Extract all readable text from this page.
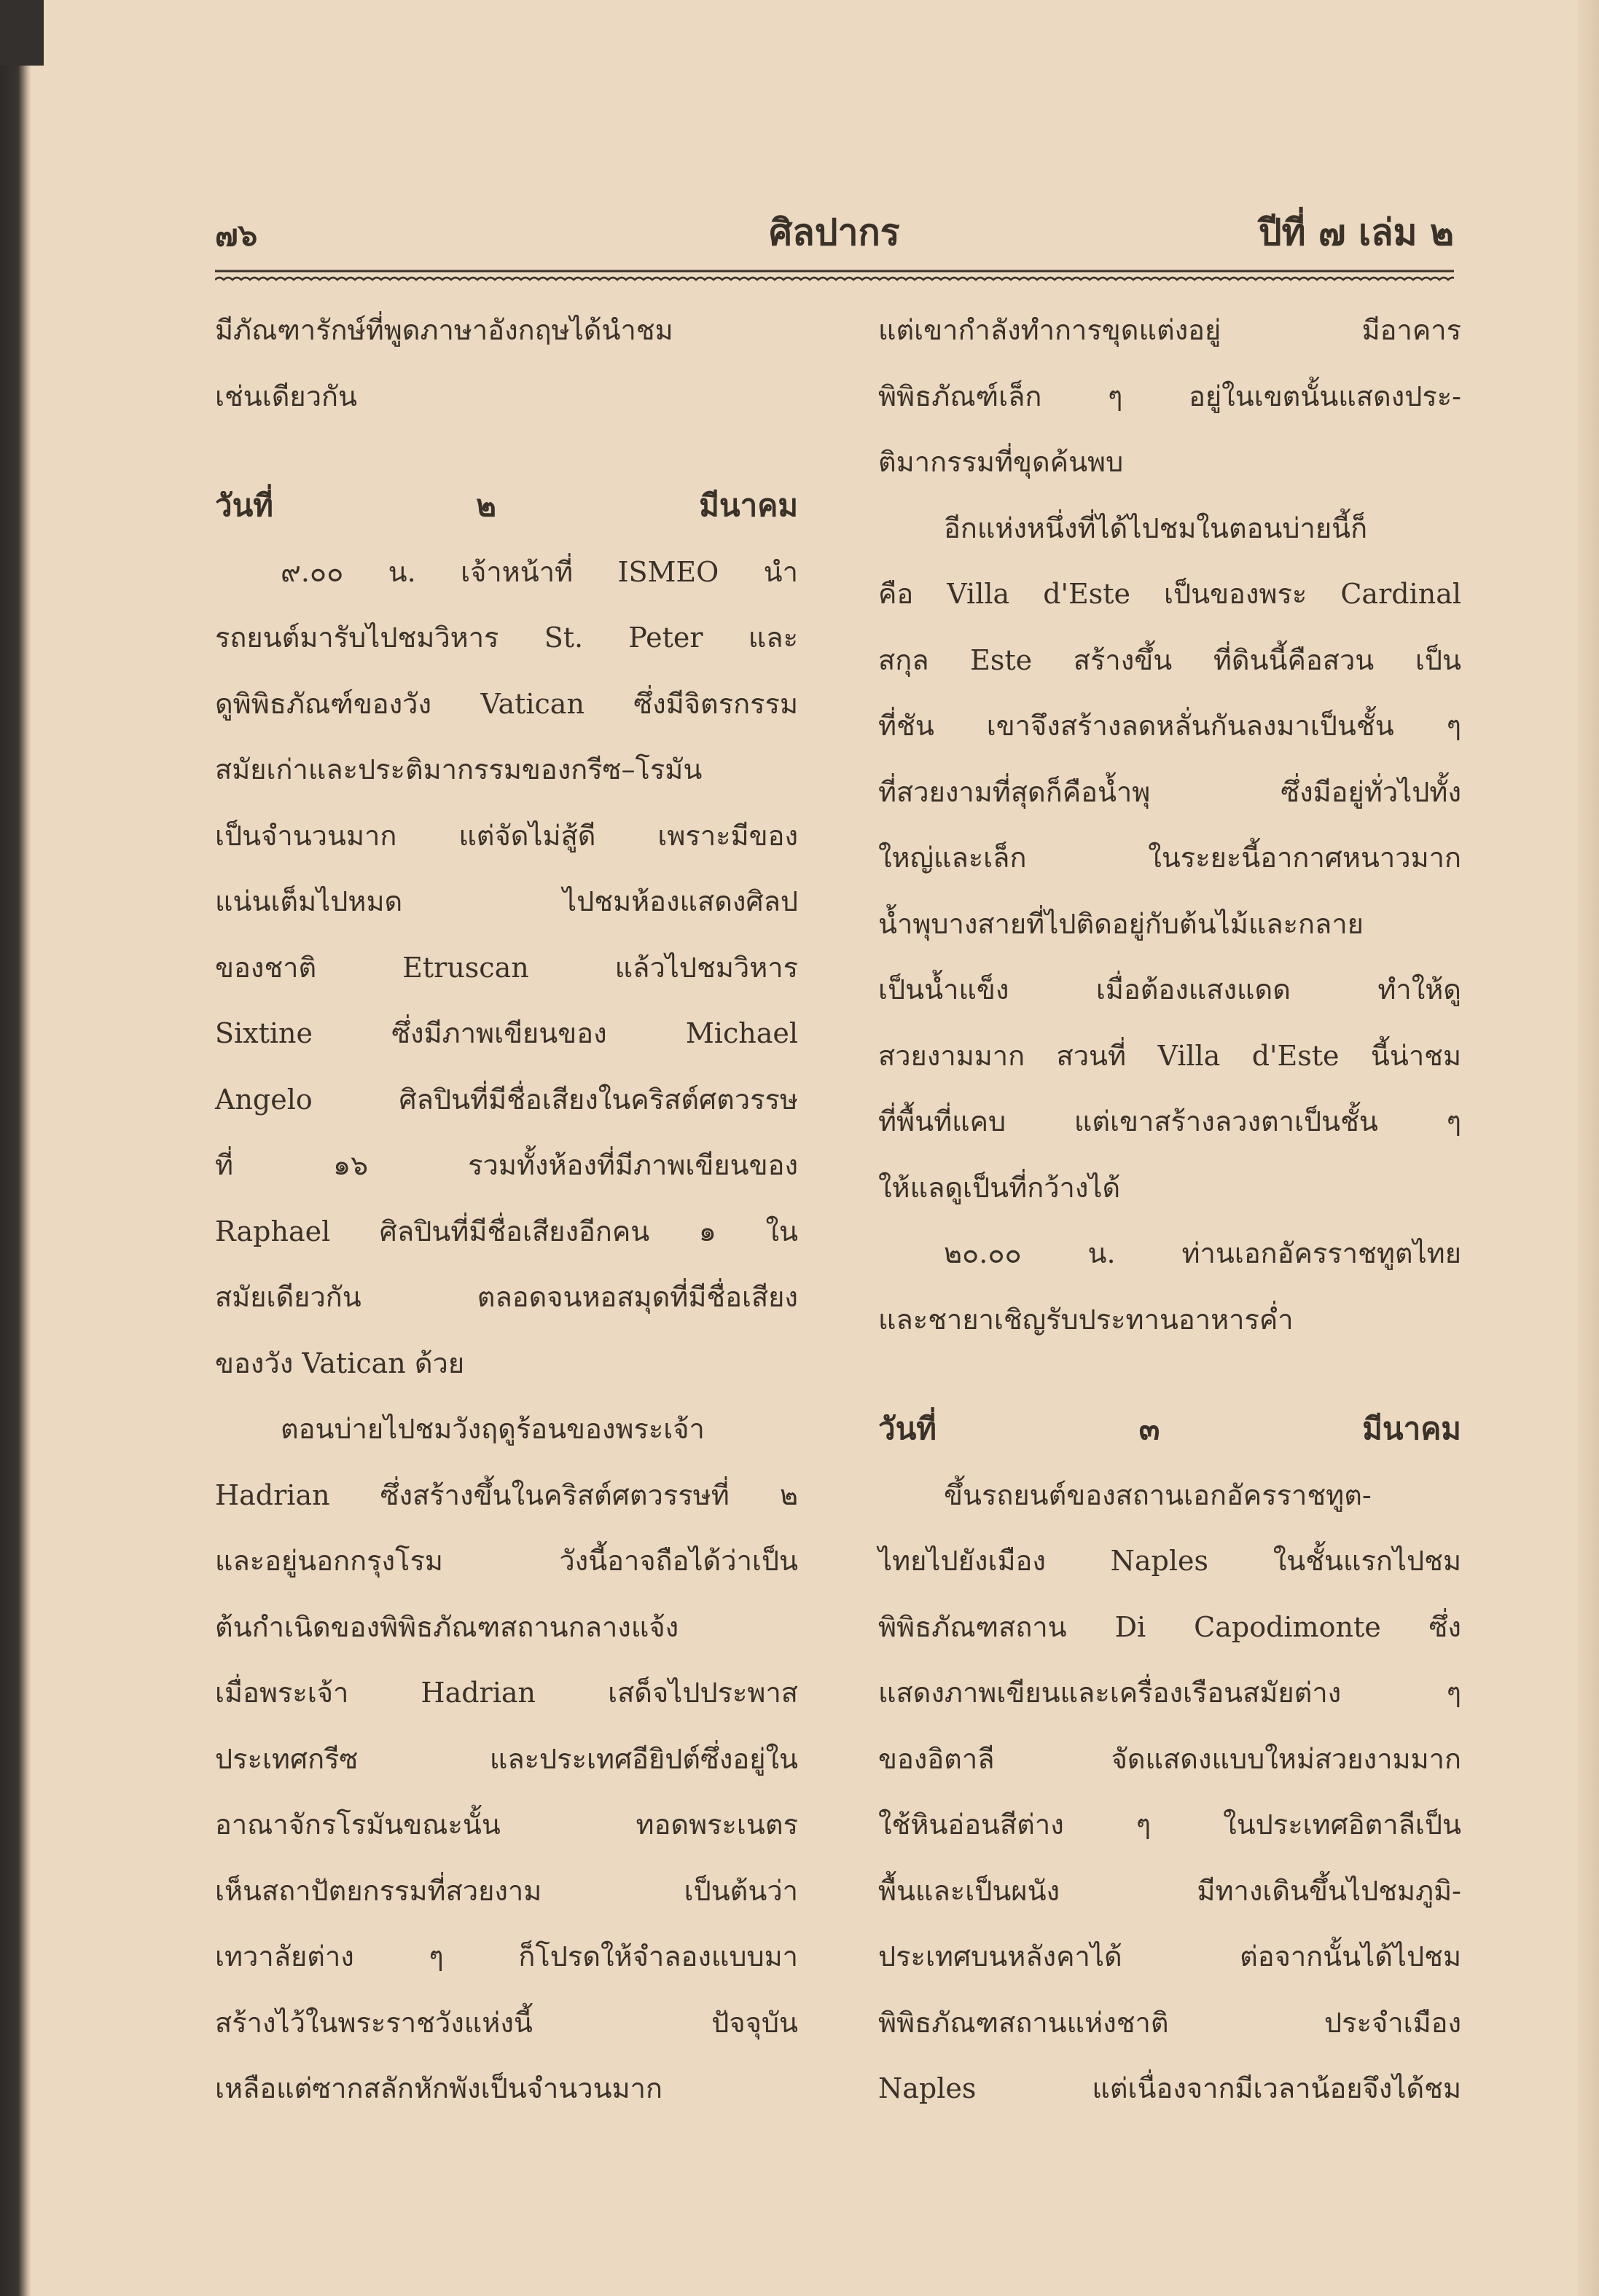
๗๖	ศิลปากร	ปีที่ ๗ เล่ม ๒

มีภัณฑารักษ์ที่พูดภาษาอังกฤษได้นำชม

เช่นเดียวกัน

วันที่ ๒ มีนาคม

๙.๐๐ น. เจ้าหน้าที่ ISMEO นำ

รถยนต์มารับไปชมวิหาร St. Peter และ

ดูพิพิธภัณฑ์ของวัง Vatican ซึ่งมีจิตรกรรม

สมัยเก่าและประติมากรรมของกรีซ–โรมัน

เป็นจำนวนมาก แต่จัดไม่สู้ดี เพราะมีของ

แน่นเต็มไปหมด ไปชมห้องแสดงศิลป

ของชาติ Etruscan แล้วไปชมวิหาร

Sixtine ซึ่งมีภาพเขียนของ Michael

Angelo ศิลปินที่มีชื่อเสียงในคริสต์ศตวรรษ

ที่ ๑๖ รวมทั้งห้องที่มีภาพเขียนของ

Raphael ศิลปินที่มีชื่อเสียงอีกคน ๑ ใน

สมัยเดียวกัน ตลอดจนหอสมุดที่มีชื่อเสียง

ของวัง Vatican ด้วย

ตอนบ่ายไปชมวังฤดูร้อนของพระเจ้า

Hadrian ซึ่งสร้างขึ้นในคริสต์ศตวรรษที่ ๒

และอยู่นอกกรุงโรม วังนี้อาจถือได้ว่าเป็น

ต้นกำเนิดของพิพิธภัณฑสถานกลางแจ้ง

เมื่อพระเจ้า Hadrian เสด็จไปประพาส

ประเทศกรีซ และประเทศอียิปต์ซึ่งอยู่ใน

อาณาจักรโรมันขณะนั้น ทอดพระเนตร

เห็นสถาปัตยกรรมที่สวยงาม เป็นต้นว่า

เทวาลัยต่าง ๆ ก็โปรดให้จำลองแบบมา

สร้างไว้ในพระราชวังแห่งนี้ ปัจจุบัน

เหลือแต่ซากสลักหักพังเป็นจำนวนมาก

แต่เขากำลังทำการขุดแต่งอยู่ มีอาคาร

พิพิธภัณฑ์เล็ก ๆ อยู่ในเขตนั้นแสดงประ-

ติมากรรมที่ขุดค้นพบ

อีกแห่งหนึ่งที่ได้ไปชมในตอนบ่ายนี้ก็

คือ Villa d'Este เป็นของพระ Cardinal

สกุล Este สร้างขึ้น ที่ดินนี้คือสวน เป็น

ที่ชัน เขาจึงสร้างลดหลั่นกันลงมาเป็นชั้น ๆ

ที่สวยงามที่สุดก็คือน้ำพุ ซึ่งมีอยู่ทั่วไปทั้ง

ใหญ่และเล็ก ในระยะนี้อากาศหนาวมาก

น้ำพุบางสายที่ไปติดอยู่กับต้นไม้และกลาย

เป็นน้ำแข็ง เมื่อต้องแสงแดด ทำให้ดู

สวยงามมาก สวนที่ Villa d'Este นี้น่าชม

ที่พื้นที่แคบ แต่เขาสร้างลวงตาเป็นชั้น ๆ

ให้แลดูเป็นที่กว้างได้

๒๐.๐๐ น. ท่านเอกอัครราชทูตไทย

และชายาเชิญรับประทานอาหารค่ำ

วันที่ ๓ มีนาคม

ขึ้นรถยนต์ของสถานเอกอัครราชทูต-

ไทยไปยังเมือง Naples ในชั้นแรกไปชม

พิพิธภัณฑสถาน Di Capodimonte ซึ่ง

แสดงภาพเขียนและเครื่องเรือนสมัยต่าง ๆ

ของอิตาลี จัดแสดงแบบใหม่สวยงามมาก

ใช้หินอ่อนสีต่าง ๆ ในประเทศอิตาลีเป็น

พื้นและเป็นผนัง มีทางเดินขึ้นไปชมภูมิ-

ประเทศบนหลังคาได้ ต่อจากนั้นได้ไปชม

พิพิธภัณฑสถานแห่งชาติ ประจำเมือง

Naples แต่เนื่องจากมีเวลาน้อยจึงได้ชม
